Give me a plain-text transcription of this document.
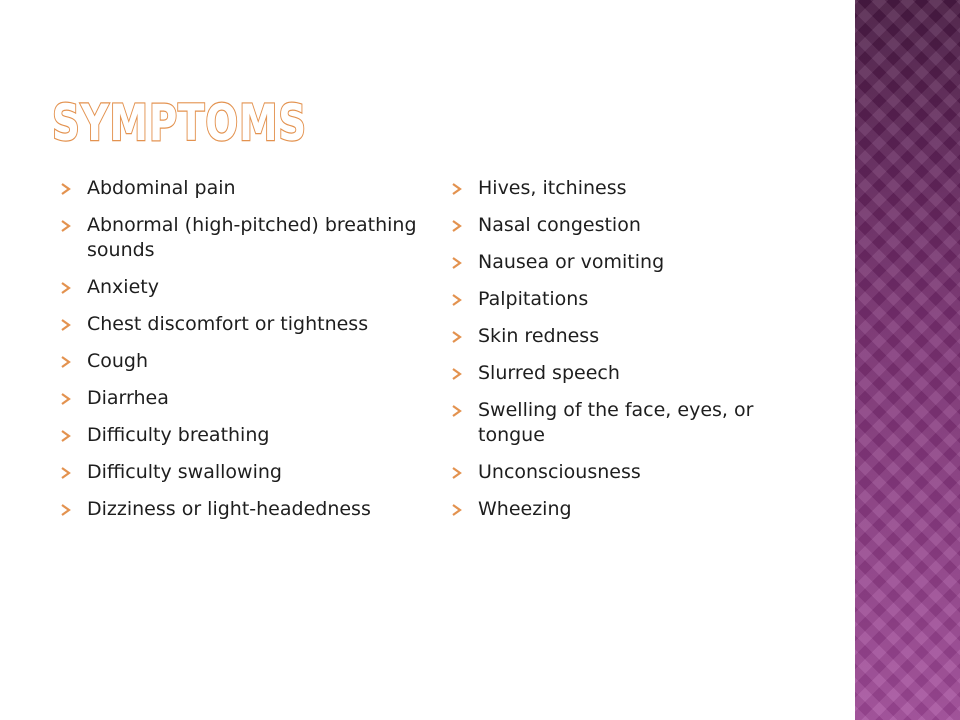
SYMPTOMS
Abdominal pain
Abnormal (high-pitched) breathing sounds
Anxiety
Chest discomfort or tightness
Cough
Diarrhea
Difficulty breathing
Difficulty swallowing
Dizziness or light-headedness
Hives, itchiness
Nasal congestion
Nausea or vomiting
Palpitations
Skin redness
Slurred speech
Swelling of the face, eyes, or tongue
Unconsciousness
Wheezing
